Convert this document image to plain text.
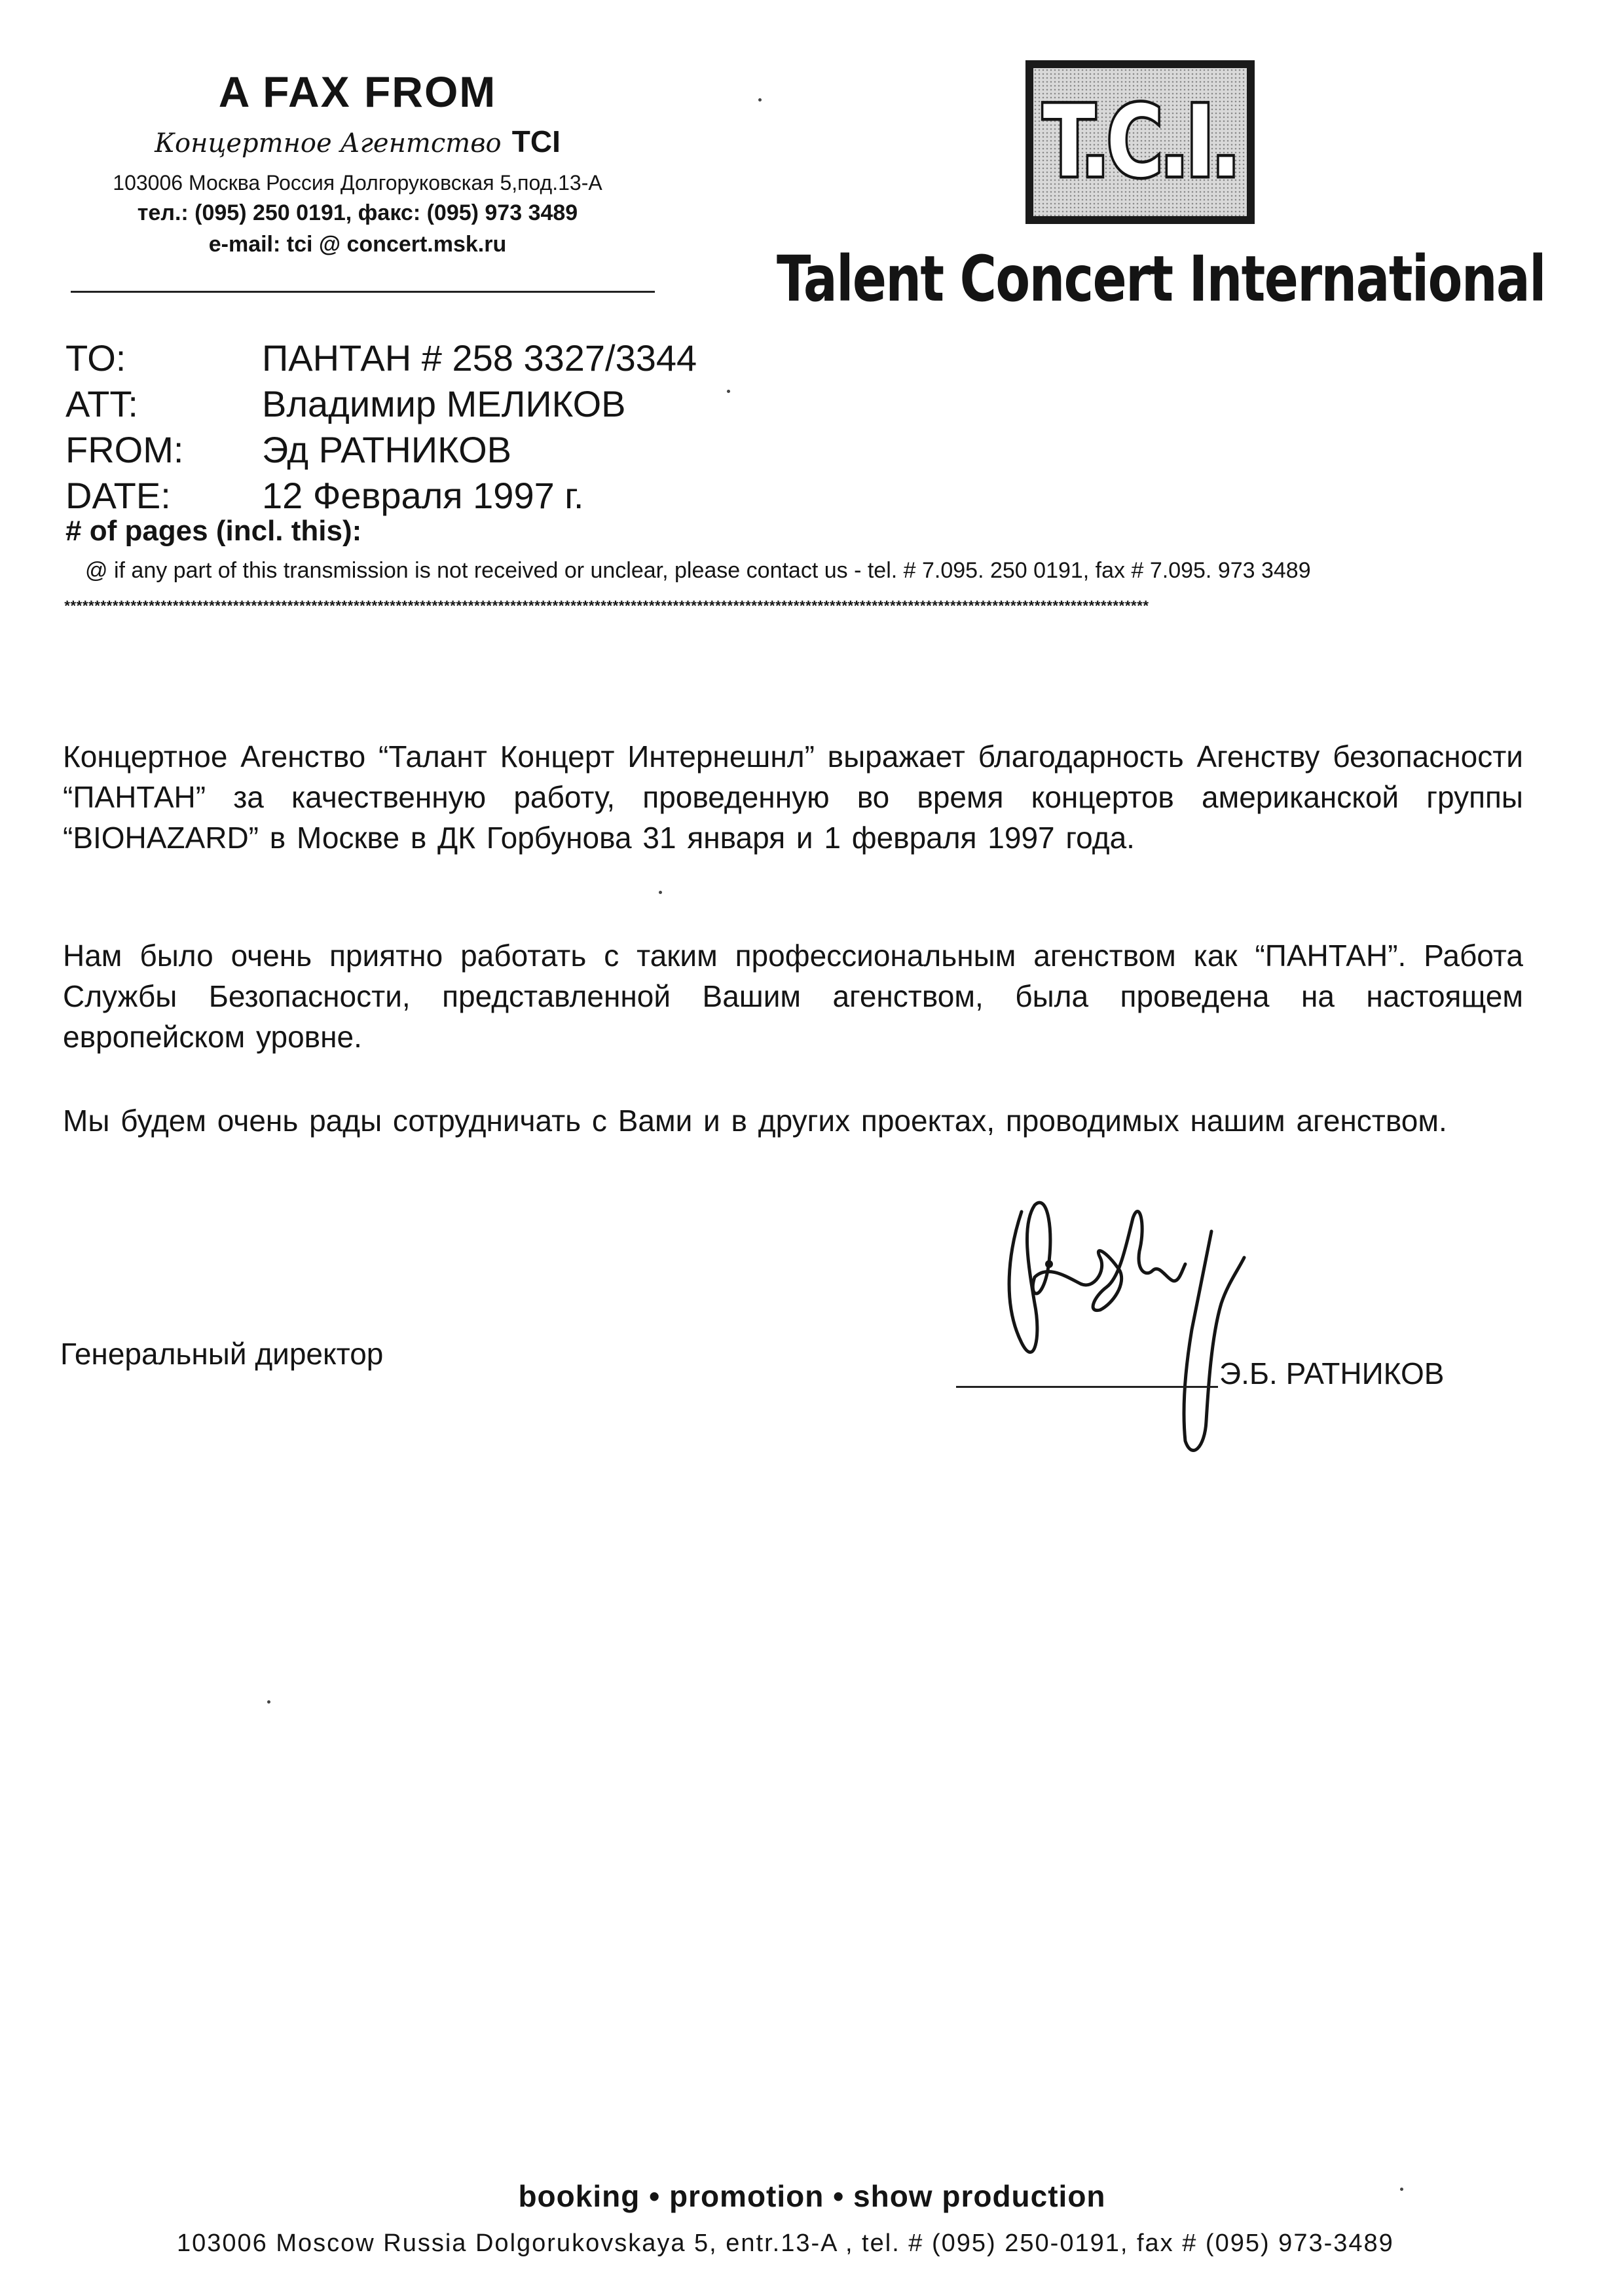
A FAX FROM
Концертное Агентство TCI
103006 Москва Россия Долгоруковская 5,под.13-А
тел.: (095) 250 0191, факс: (095) 973 3489
e-mail: tci @ concert.msk.ru
T.C.I.
Talent Concert International
TO:	ПАНТАН # 258 3327/3344
ATT:	Владимир МЕЛИКОВ
FROM:	Эд РАТНИКОВ
DATE:	12 Февраля 1997 г.
# of pages (incl. this):
@ if any part of this transmission is not received or unclear, please contact us - tel. # 7.095. 250 0191, fax # 7.095. 973 3489
************************************************************************************************************************************************************************************
Концертное Агенство “Талант Концерт Интернешнл” выражает благодарность Агенству безопасности “ПАНТАН” за качественную работу, проведенную во время концертов американской группы “BIOHAZARD” в Москве в ДК Горбунова 31 января и 1 февраля 1997 года.
Нам было очень приятно работать с таким профессиональным агенством как “ПАНТАН”. Работа Службы Безопасности, представленной Вашим агенством, была проведена на настоящем европейском уровне.
Мы будем очень рады сотрудничать с Вами и в других проектах, проводимых нашим агенством.
Генеральный директор
Э.Б. РАТНИКОВ
booking • promotion • show production
103006 Moscow Russia Dolgorukovskaya 5, entr.13-A , tel. # (095) 250-0191, fax # (095) 973-3489
